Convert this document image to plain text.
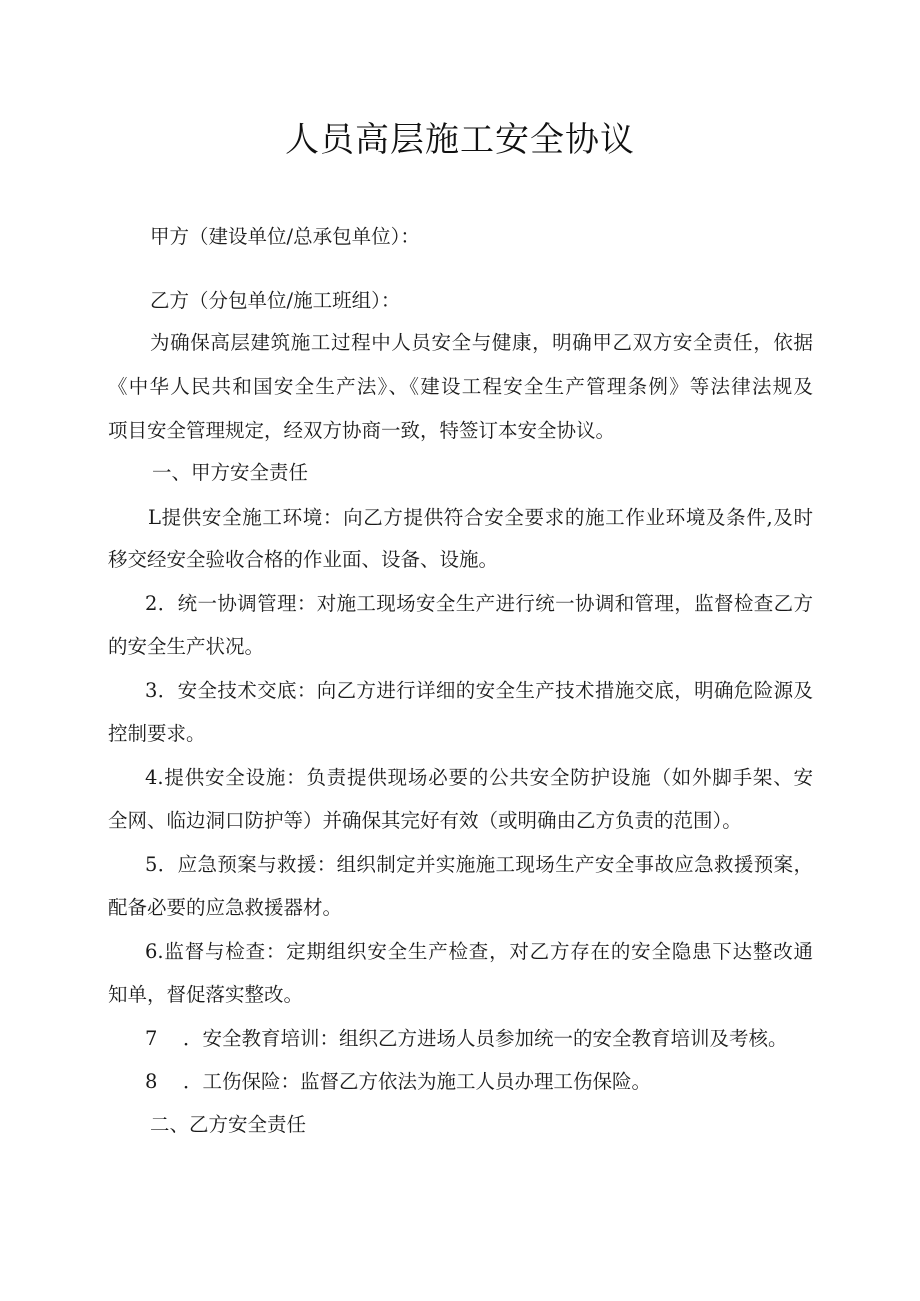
人员高层施工安全协议
甲方（建设单位/总承包单位）：
乙方（分包单位/施工班组）：
为确保高层建筑施工过程中人员安全与健康，明确甲乙双方安全责任，依据
《中华人民共和国安全生产法》、《建设工程安全生产管理条例》等法律法规及
项目安全管理规定，经双方协商一致，特签订本安全协议。
一、甲方安全责任
L提供安全施工环境：向乙方提供符合安全要求的施工作业环境及条件,及时
移交经安全验收合格的作业面、设备、设施。
2．统一协调管理：对施工现场安全生产进行统一协调和管理，监督检查乙方
的安全生产状况。
3．安全技术交底：向乙方进行详细的安全生产技术措施交底，明确危险源及
控制要求。
4.提供安全设施：负责提供现场必要的公共安全防护设施（如外脚手架、安
全网、临边洞口防护等）并确保其完好有效（或明确由乙方负责的范围）。
5．应急预案与救援：组织制定并实施施工现场生产安全事故应急救援预案，
配备必要的应急救援器材。
6.监督与检查：定期组织安全生产检查，对乙方存在的安全隐患下达整改通
知单，督促落实整改。
7 ．安全教育培训：组织乙方进场人员参加统一的安全教育培训及考核。
8 ．工伤保险：监督乙方依法为施工人员办理工伤保险。
二、乙方安全责任
